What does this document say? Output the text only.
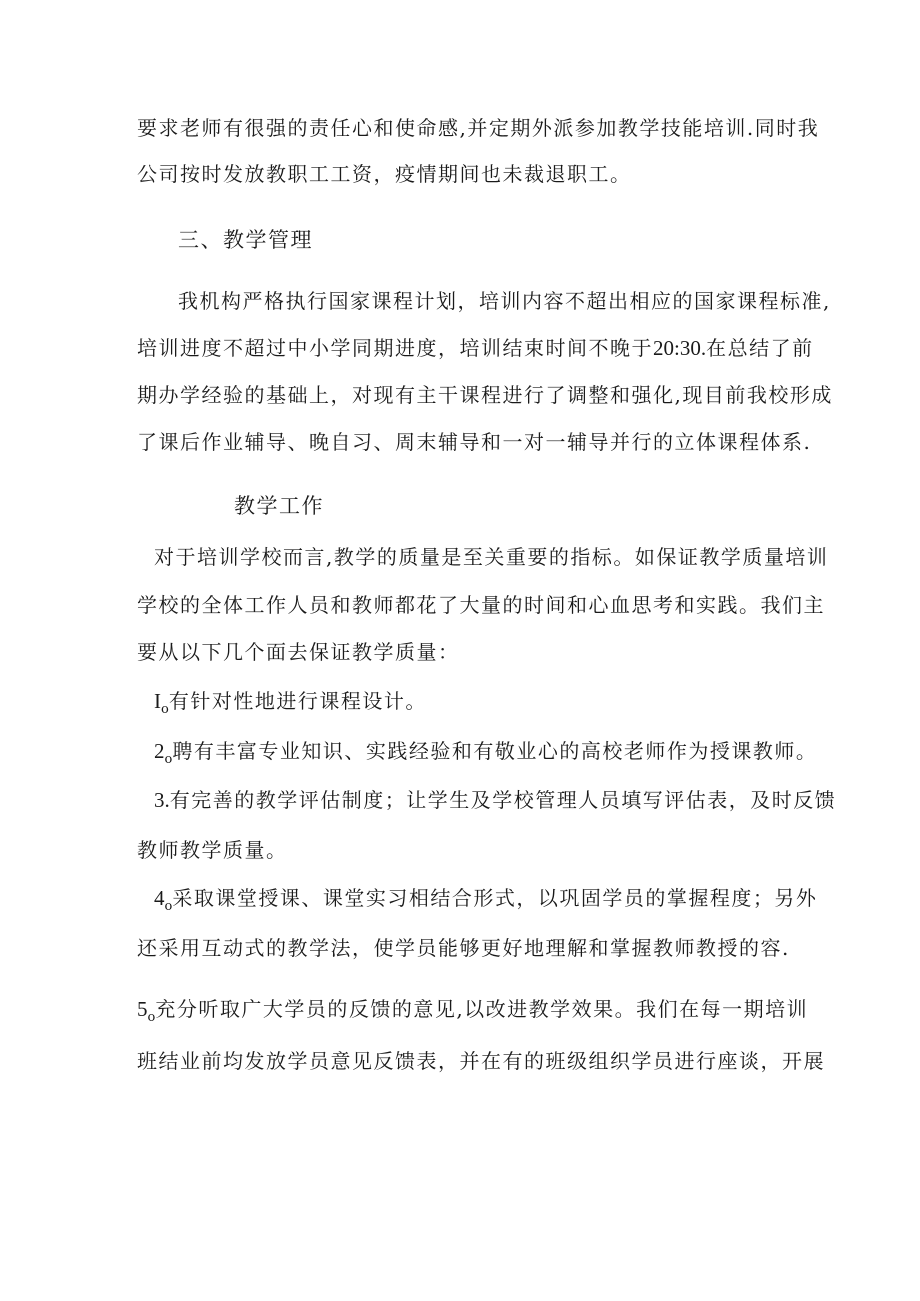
要求老师有很强的责任心和使命感,并定期外派参加教学技能培训.同时我
公司按时发放教职工工资，疫情期间也未裁退职工。
三、教学管理
我机构严格执行国家课程计划，培训内容不超出相应的国家课程标准,
培训进度不超过中小学同期进度，培训结束时间不晚于20:30.在总结了前
期办学经验的基础上，对现有主干课程进行了调整和强化,现目前我校形成
了课后作业辅导、晚自习、周末辅导和一对一辅导并行的立体课程体系.
教学工作
对于培训学校而言,教学的质量是至关重要的指标。如保证教学质量培训
学校的全体工作人员和教师都花了大量的时间和心血思考和实践。我们主
要从以下几个面去保证教学质量：
$I_o$有针对性地进行课程设计。
$2_o$聘有丰富专业知识、实践经验和有敬业心的高校老师作为授课教师。
3.有完善的教学评估制度；让学生及学校管理人员填写评估表，及时反馈
教师教学质量。
$4_o$采取课堂授课、课堂实习相结合形式，以巩固学员的掌握程度；另外
还采用互动式的教学法，使学员能够更好地理解和掌握教师教授的容.
$5_o$充分听取广大学员的反馈的意见,以改进教学效果。我们在每一期培训
班结业前均发放学员意见反馈表，并在有的班级组织学员进行座谈，开展
